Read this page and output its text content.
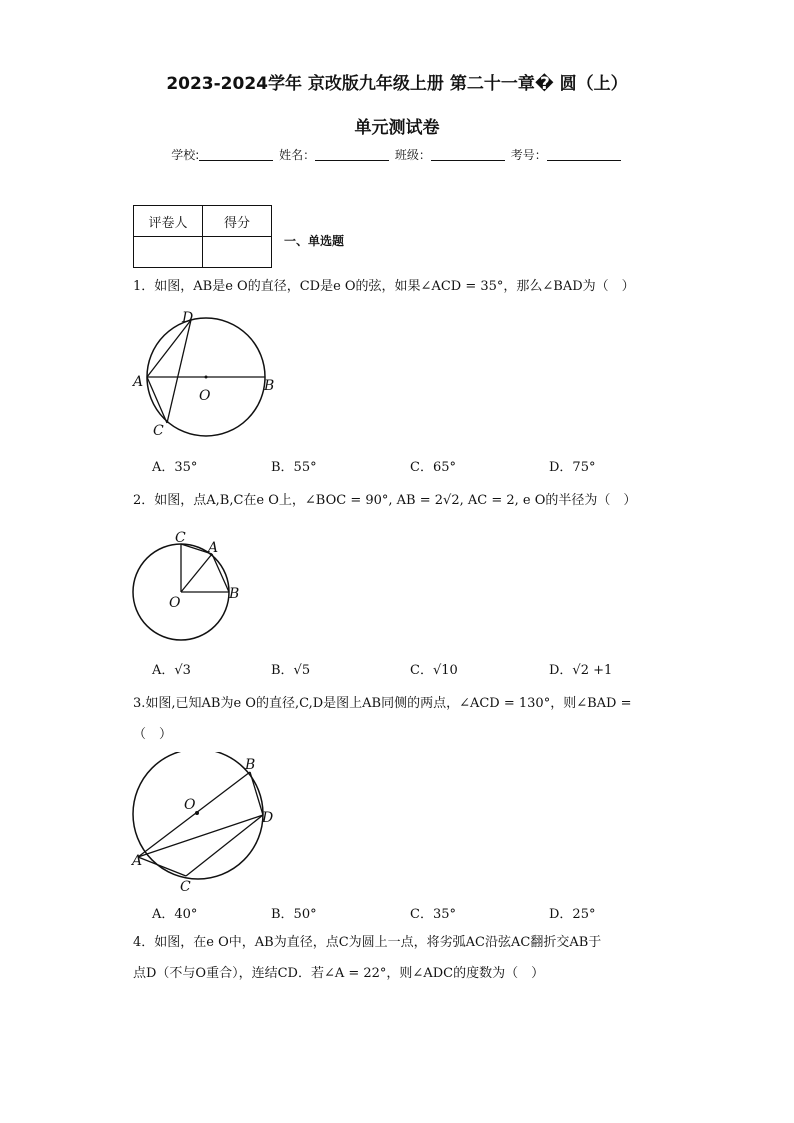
2023-2024学年 京改版九年级上册 第二十一章� 圆（上）
单元测试卷
学校:	姓名：	班级：	考号：
评卷人	得分

一、单选题
1．如图，AB是e O的直径，CD是e O的弦，如果∠ACD = 35°，那么∠BAD为（　）
D
A
O
B
C
A．35°	B．55°	C．65°	D．75°
2．如图，点A,B,C在e O上，∠BOC = 90°, AB = 2√2, AC = 2, e O的半径为（　）
C
A
O
B
A．√3	B．√5	C．√10	D．√2 +1
3.如图,已知AB为e O的直径,C,D是图上AB同侧的两点，∠ACD = 130°，则∠BAD =
（　）
B
O
D
A
C
A．40°	B．50°	C．35°	D．25°
4．如图，在e O中，AB为直径，点C为圆上一点，将劣弧AC沿弦AC翻折交AB于
点D（不与O重合），连结CD．若∠A = 22°，则∠ADC的度数为（　）
